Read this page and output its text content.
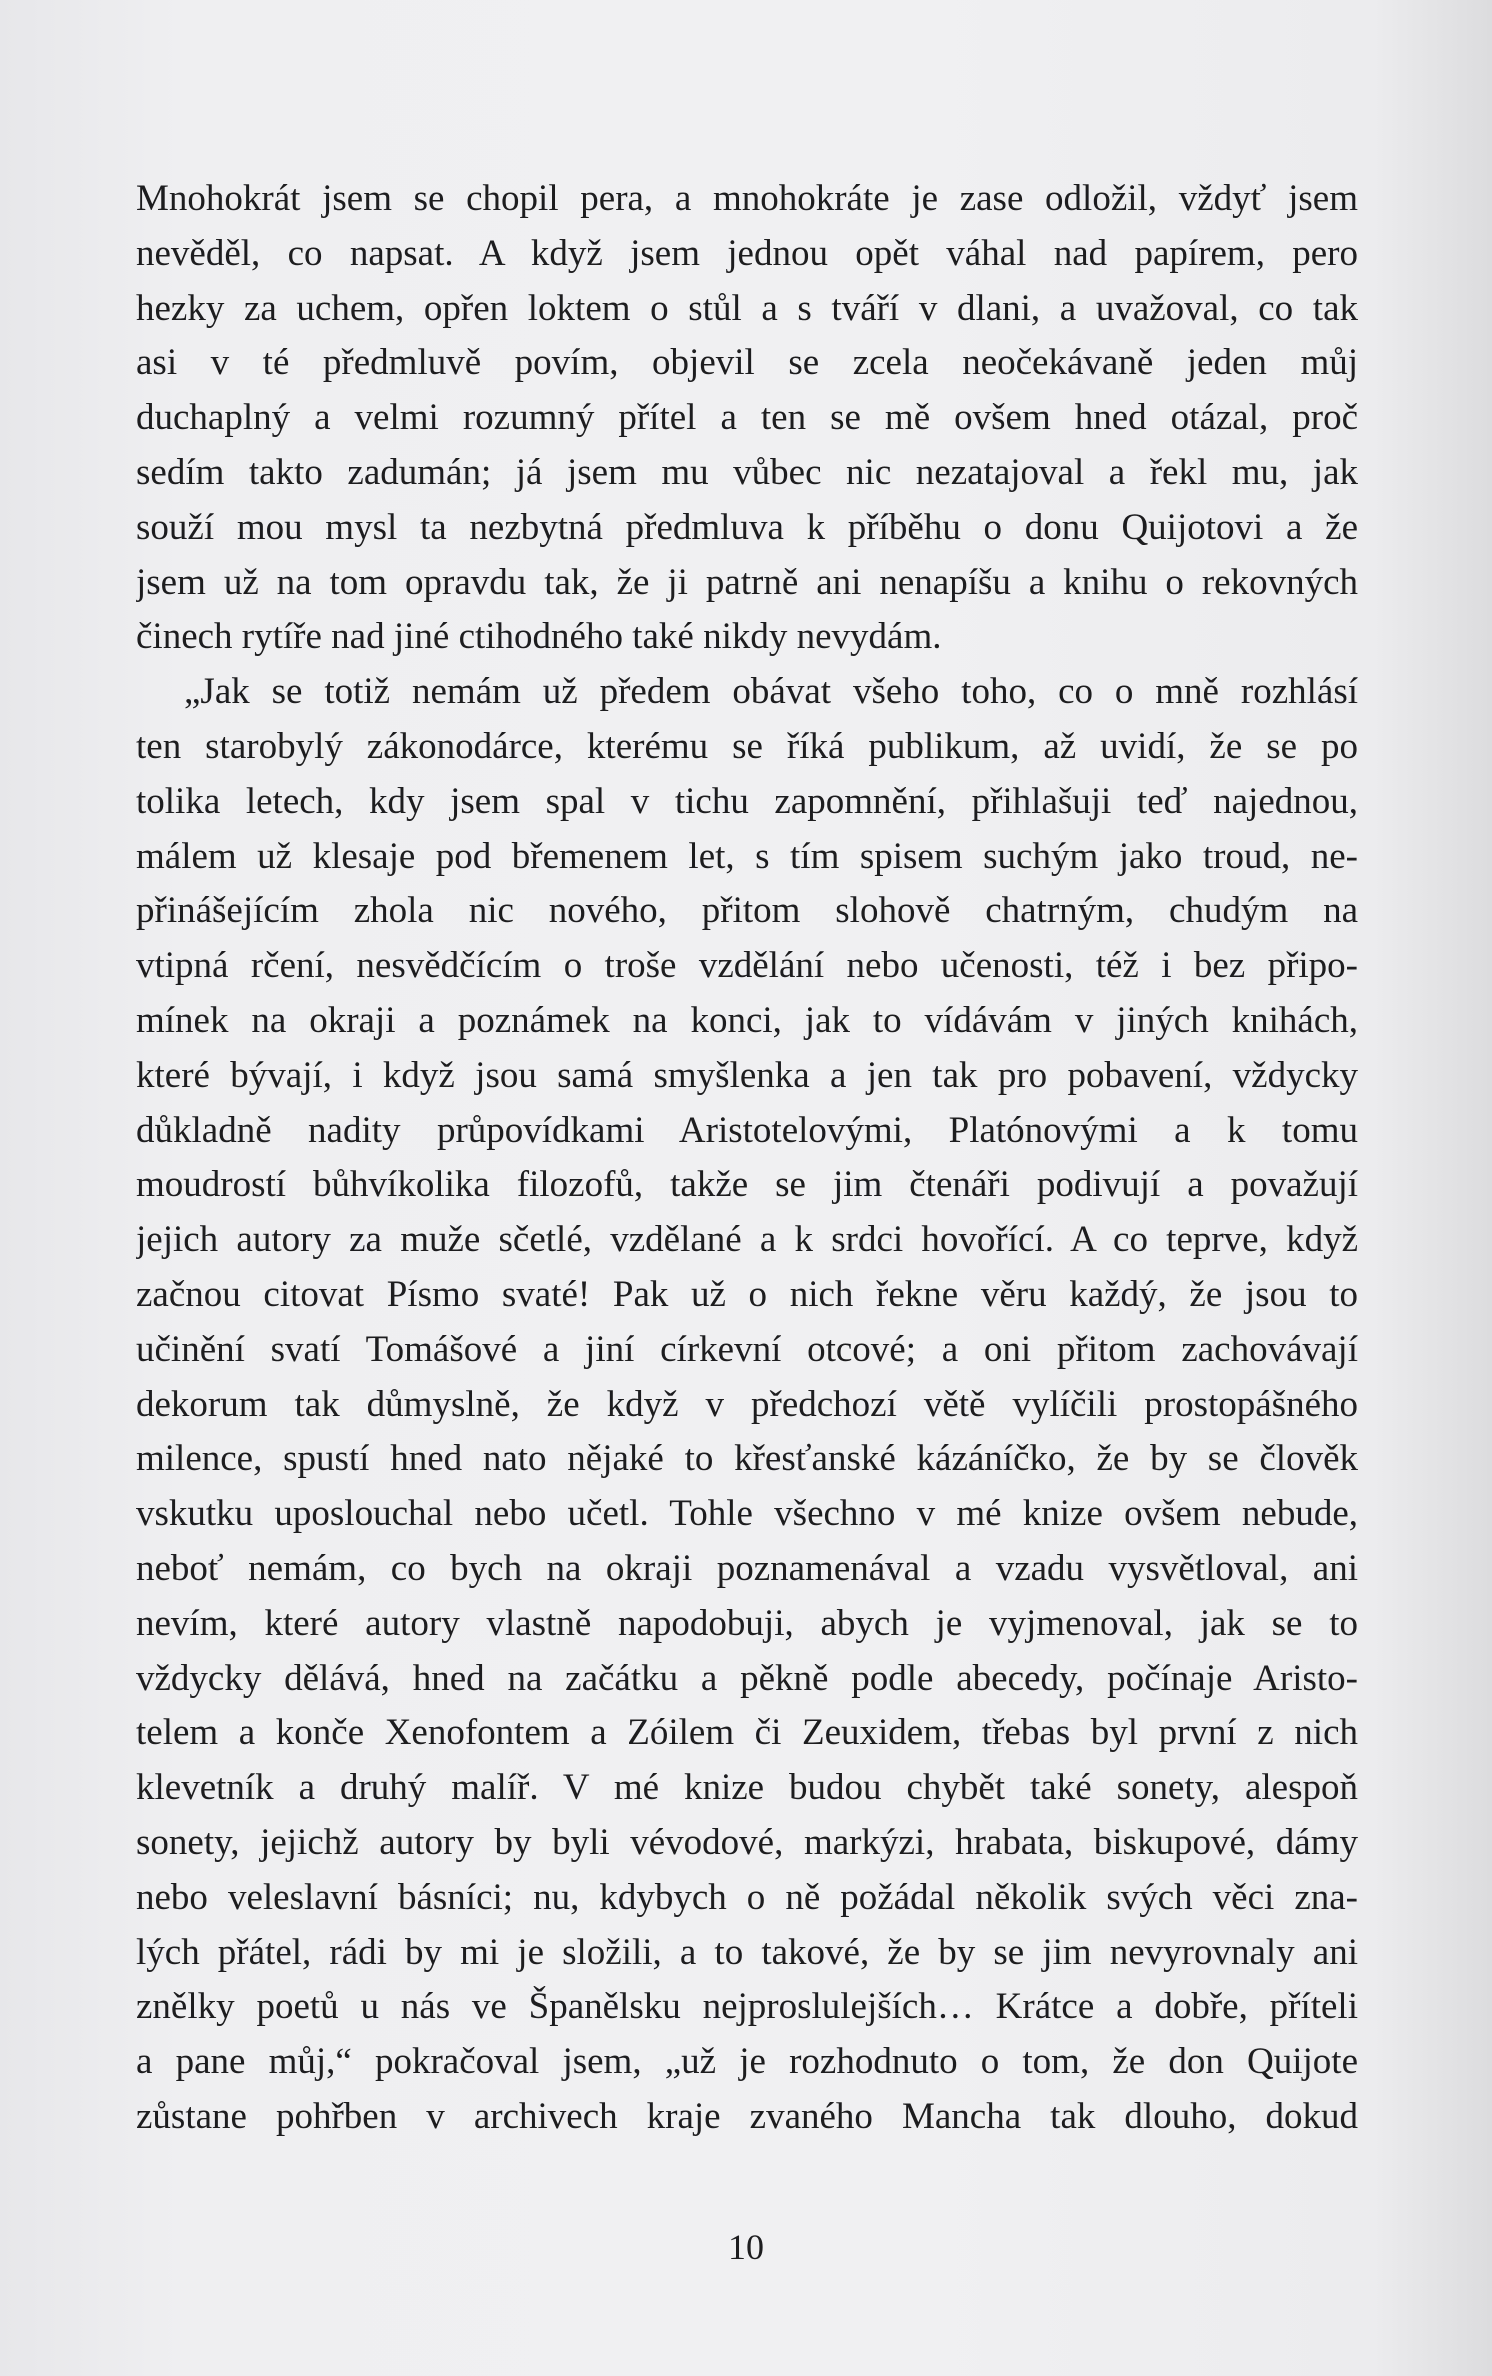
Mnohokrát jsem se chopil pera, a mnohokráte je zase odložil, vždyť jsem
nevěděl, co napsat. A když jsem jednou opět váhal nad papírem, pero
hezky za uchem, opřen loktem o stůl a s tváří v dlani, a uvažoval, co tak
asi v té předmluvě povím, objevil se zcela neočekávaně jeden můj
duchaplný a velmi rozumný přítel a ten se mě ovšem hned otázal, proč
sedím takto zadumán; já jsem mu vůbec nic nezatajoval a řekl mu, jak
souží mou mysl ta nezbytná předmluva k příběhu o donu Quijotovi a že
jsem už na tom opravdu tak, že ji patrně ani nenapíšu a knihu o rekovných
činech rytíře nad jiné ctihodného také nikdy nevydám.
„Jak se totiž nemám už předem obávat všeho toho, co o mně rozhlásí
ten starobylý zákonodárce, kterému se říká publikum, až uvidí, že se po
tolika letech, kdy jsem spal v tichu zapomnění, přihlašuji teď najednou,
málem už klesaje pod břemenem let, s tím spisem suchým jako troud, ne-
přinášejícím zhola nic nového, přitom slohově chatrným, chudým na
vtipná rčení, nesvědčícím o troše vzdělání nebo učenosti, též i bez připo-
mínek na okraji a poznámek na konci, jak to vídávám v jiných knihách,
které bývají, i když jsou samá smyšlenka a jen tak pro pobavení, vždycky
důkladně nadity průpovídkami Aristotelovými, Platónovými a k tomu
moudrostí bůhvíkolika filozofů, takže se jim čtenáři podivují a považují
jejich autory za muže sčetlé, vzdělané a k srdci hovořící. A co teprve, když
začnou citovat Písmo svaté! Pak už o nich řekne věru každý, že jsou to
učinění svatí Tomášové a jiní církevní otcové; a oni přitom zachovávají
dekorum tak důmyslně, že když v předchozí větě vylíčili prostopášného
milence, spustí hned nato nějaké to křesťanské kázáníčko, že by se člověk
vskutku uposlouchal nebo učetl. Tohle všechno v mé knize ovšem nebude,
neboť nemám, co bych na okraji poznamenával a vzadu vysvětloval, ani
nevím, které autory vlastně napodobuji, abych je vyjmenoval, jak se to
vždycky dělává, hned na začátku a pěkně podle abecedy, počínaje Aristo-
telem a konče Xenofontem a Zóilem či Zeuxidem, třebas byl první z nich
klevetník a druhý malíř. V mé knize budou chybět také sonety, alespoň
sonety, jejichž autory by byli vévodové, markýzi, hrabata, biskupové, dámy
nebo veleslavní básníci; nu, kdybych o ně požádal několik svých věci zna-
lých přátel, rádi by mi je složili, a to takové, že by se jim nevyrovnaly ani
znělky poetů u nás ve Španělsku nejproslulejších… Krátce a dobře, příteli
a pane můj,“ pokračoval jsem, „už je rozhodnuto o tom, že don Quijote
zůstane pohřben v archivech kraje zvaného Mancha tak dlouho, dokud
10
